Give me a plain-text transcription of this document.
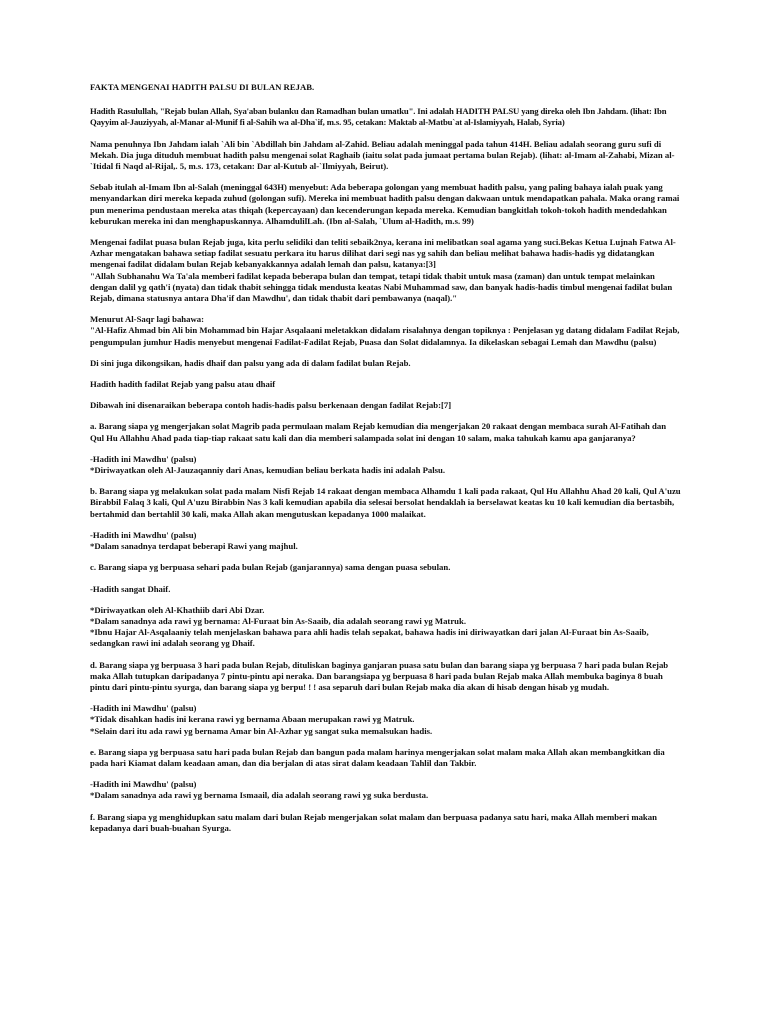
FAKTA MENGENAI HADITH PALSU DI BULAN REJAB.

Hadith Rasulullah, "Rejab bulan Allah, Sya'aban bulanku dan Ramadhan bulan umatku". Ini adalah HADITH PALSU yang direka oleh Ibn Jahdam. (lihat: Ibn Qayyim al-Jauziyyah, al-Manar al-Munif fi al-Sahih wa al-Dha`if, m.s. 95, cetakan: Maktab al-Matbu`at al-Islamiyyah, Halab, Syria)

Nama penuhnya Ibn Jahdam ialah `Ali bin `Abdillah bin Jahdam al-Zahid. Beliau adalah meninggal pada tahun 414H. Beliau adalah seorang guru sufi di Mekah. Dia juga dituduh membuat hadith palsu mengenai solat Raghaib (iaitu solat pada jumaat pertama bulan Rejab). (lihat: al-Imam al-Zahabi, Mizan al-`Itidal fi Naqd al-Rijal,. 5, m.s. 173, cetakan: Dar al-Kutub al-`Ilmiyyah, Beirut).

Sebab itulah al-Imam Ibn al-Salah (meninggal 643H) menyebut: Ada beberapa golongan yang membuat hadith palsu, yang paling bahaya ialah puak yang menyandarkan diri mereka kepada zuhud (golongan sufi). Mereka ini membuat hadith palsu dengan dakwaan untuk mendapatkan pahala. Maka orang ramai pun menerima pendustaan mereka atas thiqah (kepercayaan) dan kecenderungan kepada mereka. Kemudian bangkitlah tokoh-tokoh hadith mendedahkan keburukan mereka ini dan menghapuskannya. AlhamdulilLah. (Ibn al-Salah, `Ulum al-Hadith, m.s. 99)

Mengenai fadilat puasa bulan Rejab juga, kita perlu selidiki dan teliti sebaik2nya, kerana ini melibatkan soal agama yang suci.Bekas Ketua Lujnah Fatwa Al-Azhar mengatakan bahawa setiap fadilat sesuatu perkara itu harus dilihat dari segi nas yg sahih dan beliau melihat bahawa hadis-hadis yg didatangkan mengenai fadilat didalam bulan Rejab kebanyakkannya adalah lemah dan palsu, katanya:[3]
"Allah Subhanahu Wa Ta'ala memberi fadilat kepada beberapa bulan dan tempat, tetapi tidak thabit untuk masa (zaman) dan untuk tempat melainkan dengan dalil yg qath'i (nyata) dan tidak thabit sehingga tidak mendusta keatas Nabi Muhammad saw, dan banyak hadis-hadis timbul mengenai fadilat bulan Rejab, dimana statusnya antara Dha'if dan Mawdhu', dan tidak thabit dari pembawanya (naqal)."

Menurut Al-Saqr lagi bahawa:
"Al-Hafiz Ahmad bin Ali bin Mohammad bin Hajar Asqalaani meletakkan didalam risalahnya dengan topiknya : Penjelasan yg datang didalam Fadilat Rejab, pengumpulan jumhur Hadis menyebut mengenai Fadilat-Fadilat Rejab, Puasa dan Solat didalamnya. Ia dikelaskan sebagai Lemah dan Mawdhu (palsu)

Di sini juga dikongsikan, hadis dhaif dan palsu yang ada di dalam fadilat bulan Rejab.

Hadith hadith fadilat Rejab yang palsu atau dhaif

Dibawah ini disenaraikan beberapa contoh hadis-hadis palsu berkenaan dengan fadilat Rejab:[7]

a. Barang siapa yg mengerjakan solat Magrib pada permulaan malam Rejab kemudian dia mengerjakan 20 rakaat dengan membaca surah Al-Fatihah dan Qul Hu Allahhu Ahad pada tiap-tiap rakaat satu kali dan dia memberi salampada solat ini dengan 10 salam, maka tahukah kamu apa ganjaranya?

-Hadith ini Mawdhu' (palsu)
*Diriwayatkan oleh Al-Jauzaqanniy dari Anas, kemudian beliau berkata hadis ini adalah Palsu.

b. Barang siapa yg melakukan solat pada malam Nisfi Rejab 14 rakaat dengan membaca Alhamdu 1 kali pada rakaat, Qul Hu Allahhu Ahad 20 kali, Qul A'uzu Birabbil Falaq 3 kali, Qul A'uzu Birabbin Nas 3 kali kemudian apabila dia selesai bersolat hendaklah ia berselawat keatas ku 10 kali kemudian dia bertasbih, bertahmid dan bertahlil 30 kali, maka Allah akan mengutuskan kepadanya 1000 malaikat.

-Hadith ini Mawdhu' (palsu)
*Dalam sanadnya terdapat beberapi Rawi yang majhul.

c. Barang siapa yg berpuasa sehari pada bulan Rejab (ganjarannya) sama dengan puasa sebulan.

-Hadith sangat Dhaif.

*Diriwayatkan oleh Al-Khathiib dari Abi Dzar.
*Dalam sanadnya ada rawi yg bernama: Al-Furaat bin As-Saaib, dia adalah seorang rawi yg Matruk.
*Ibnu Hajar Al-Asqalaaniy telah menjelaskan bahawa para ahli hadis telah sepakat, bahawa hadis ini diriwayatkan dari jalan Al-Furaat bin As-Saaib, sedangkan rawi ini adalah seorang yg Dhaif.

d. Barang siapa yg berpuasa 3 hari pada bulan Rejab, dituliskan baginya ganjaran puasa satu bulan dan barang siapa yg berpuasa 7 hari pada bulan Rejab maka Allah tutupkan daripadanya 7 pintu-pintu api neraka. Dan barangsiapa yg berpuasa 8 hari pada bulan Rejab maka Allah membuka baginya 8 buah pintu dari pintu-pintu syurga, dan barang siapa yg berpu! ! ! asa separuh dari bulan Rejab maka dia akan di hisab dengan hisab yg mudah.

-Hadith ini Mawdhu' (palsu)
*Tidak disahkan hadis ini kerana rawi yg bernama Abaan merupakan rawi yg Matruk.
*Selain dari itu ada rawi yg bernama Amar bin Al-Azhar yg sangat suka memalsukan hadis.

e. Barang siapa yg berpuasa satu hari pada bulan Rejab dan bangun pada malam harinya mengerjakan solat malam maka Allah akan membangkitkan dia pada hari Kiamat dalam keadaan aman, dan dia berjalan di atas sirat dalam keadaan Tahlil dan Takbir.

-Hadith ini Mawdhu' (palsu)
*Dalam sanadnya ada rawi yg bernama Ismaail, dia adalah seorang rawi yg suka berdusta.

f. Barang siapa yg menghidupkan satu malam dari bulan Rejab mengerjakan solat malam dan berpuasa padanya satu hari, maka Allah memberi makan kepadanya dari buah-buahan Syurga.
